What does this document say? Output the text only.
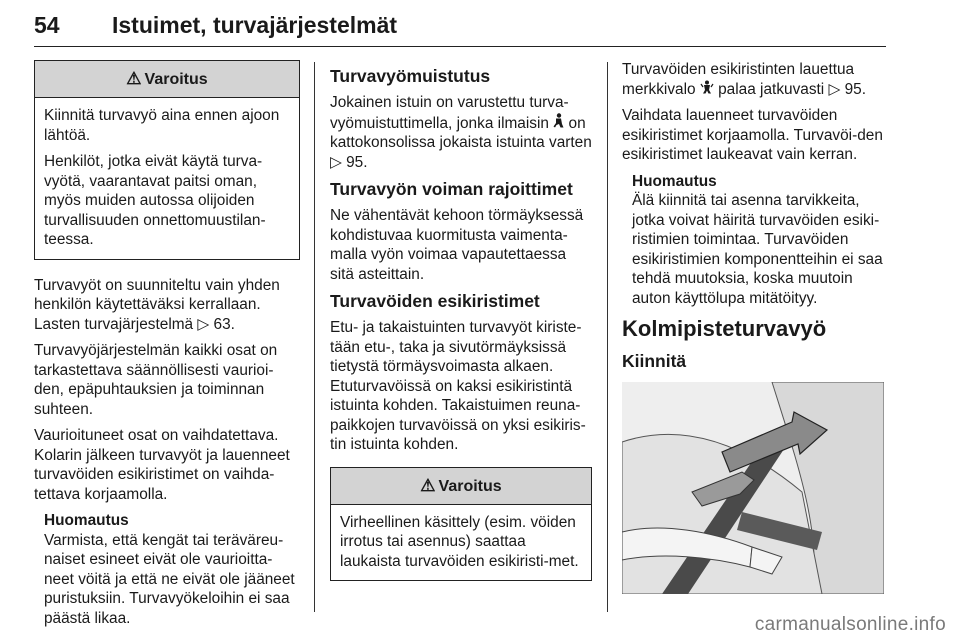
54 Istuimet, turvajärjestelmät
⚠ Varoitus

Kiinnitä turvavyö aina ennen ajoon lähtöä.

Henkilöt, jotka eivät käytä turva-vyötä, vaarantavat paitsi oman, myös muiden autossa olijoiden turvallisuuden onnettomuustilan-teessa.

Turvavyöt on suunniteltu vain yhden henkilön käytettäväksi kerrallaan. Lasten turvajärjestelmä ▷ 63.

Turvavyöjärjestelmän kaikki osat on tarkastettava säännöllisesti vaurioi-den, epäpuhtauksien ja toiminnan suhteen.

Vaurioituneet osat on vaihdatettava. Kolarin jälkeen turvavyöt ja lauenneet turvavöiden esikiristimet on vaihda-tettava korjaamolla.

Huomautus

Varmista, että kengät tai teräväreu-naiset esineet eivät ole vaurioitta-neet vöitä ja että ne eivät ole jääneet puristuksiin. Turvavyökeloihin ei saa päästä likaa.

Turvavyömuistutus

Jokainen istuin on varustettu turva-vyömuistuttimella, jonka ilmaisin on kattokonsolissa jokaista istuinta varten ▷ 95.

Turvavyön voiman rajoittimet

Ne vähentävät kehoon törmäyksessä kohdistuvaa kuormitusta vaimenta-malla vyön voimaa vapautettaessa sitä asteittain.

Turvavöiden esikiristimet

Etu- ja takaistuinten turvavyöt kiriste-tään etu-, taka ja sivutörmäyksissä tietystä törmäysvoimasta alkaen. Etuturvavöissä on kaksi esikiristintä istuinta kohden. Takaistuimen reuna-paikkojen turvavöissä on yksi esikiris-tin istuinta kohden.

⚠ Varoitus

Virheellinen käsittely (esim. vöiden irrotus tai asennus) saattaa laukaista turvavöiden esikiristi-met.

Turvavöiden esikiristinten lauettua merkkivalo palaa jatkuvasti ▷ 95.

Vaihdata lauenneet turvavöiden esikiristimet korjaamolla. Turvavöi-den esikiristimet laukeavat vain kerran.

Huomautus

Älä kiinnitä tai asenna tarvikkeita, jotka voivat häiritä turvavöiden esiki-ristimien toimintaa. Turvavöiden esikiristimien komponentteihin ei saa tehdä muutoksia, koska muutoin auton käyttölupa mitätöityy.

Kolmipisteturvavyö
Kiinnitä
carmanualsonline.info
